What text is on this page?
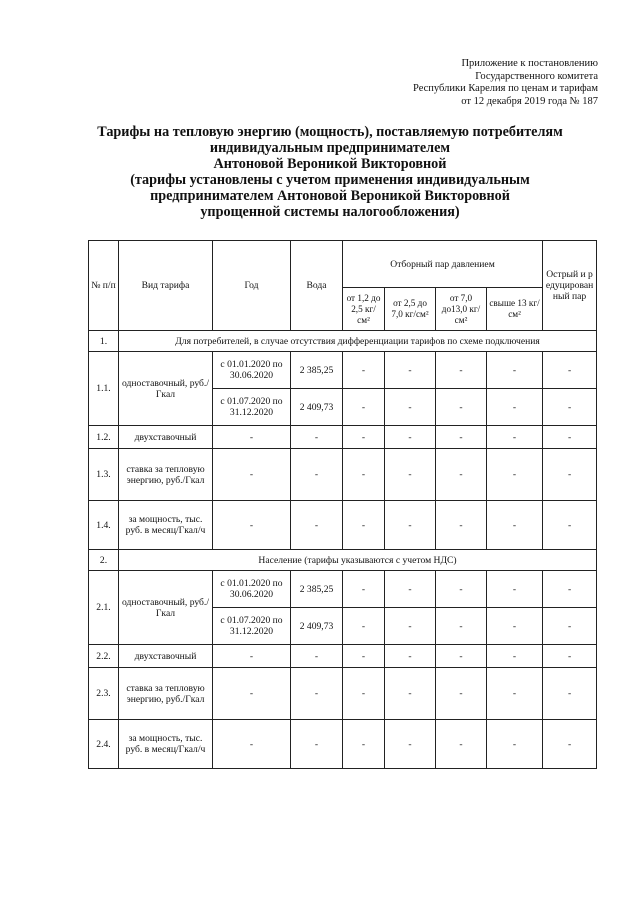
Приложение к постановлению
Государственного комитета
Республики Карелия по ценам и тарифам
от 12 декабря 2019 года № 187
Тарифы на тепловую энергию (мощность), поставляемую потребителям
индивидуальным предпринимателем
Антоновой Вероникой Викторовной
(тарифы установлены с учетом применения индивидуальным
предпринимателем Антоновой Вероникой Викторовной
упрощенной системы налогообложения)
№ п/п	Вид тарифа	Год	Вода	Отборный пар давлением				Острый и редуцированный пар
				от 1,2 до 2,5 кг/см²	от 2,5 до 7,0 кг/см²	от 7,0 до13,0 кг/см²	свыше 13 кг/см²	
1.	Для потребителей, в случае отсутствия дифференциации тарифов по схеме подключения							
1.1.	одноставочный, руб./Гкал	с 01.01.2020 по 30.06.2020	2 385,25	-	-	-	-	-
		с 01.07.2020 по 31.12.2020	2 409,73	-	-	-	-	-
1.2.	двухставочный	-	-	-	-	-	-	-
1.3.	ставка за тепловую энергию, руб./Гкал	-	-	-	-	-	-	-
1.4.	за мощность, тыс. руб. в месяц/Гкал/ч	-	-	-	-	-	-	-
2.	Население (тарифы указываются с учетом НДС)							
2.1.	одноставочный, руб./Гкал	с 01.01.2020 по 30.06.2020	2 385,25	-	-	-	-	-
		с 01.07.2020 по 31.12.2020	2 409,73	-	-	-	-	-
2.2.	двухставочный	-	-	-	-	-	-	-
2.3.	ставка за тепловую энергию, руб./Гкал	-	-	-	-	-	-	-
2.4.	за мощность, тыс. руб. в месяц/Гкал/ч	-	-	-	-	-	-	-
